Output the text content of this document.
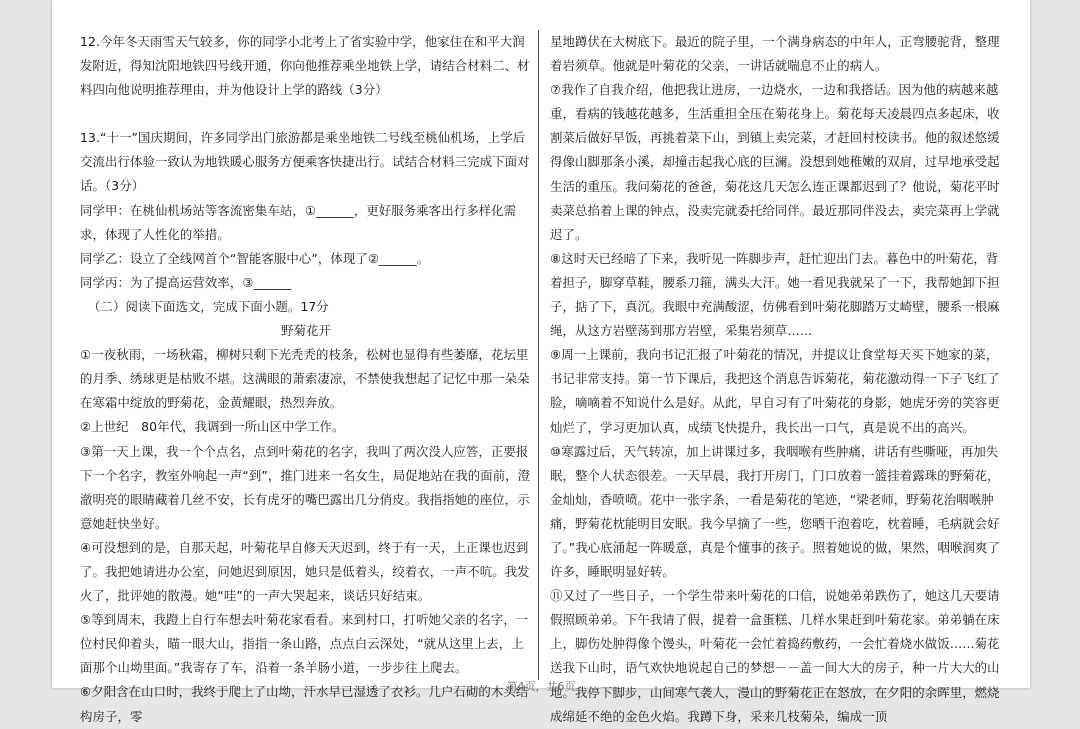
12.今年冬天雨雪天气较多，你的同学小北考上了省实验中学，他家住在和平大润发附近，得知沈阳地铁四号线开通，你向他推荐乘坐地铁上学，请结合材料二、材料四向他说明推荐理由，并为他设计上学的路线（3分）

13.“十一”国庆期间，许多同学出门旅游都是乘坐地铁二号线至桃仙机场，上学后交流出行体验一致认为地铁暖心服务方便乘客快捷出行。试结合材料三完成下面对话。（3分）

同学甲：在桃仙机场站等客流密集车站，①______，更好服务乘客出行多样化需求，体现了人性化的举措。

同学乙：设立了全线网首个“智能客服中心”，体现了②______。

同学丙：为了提高运营效率，③______

（二）阅读下面选文，完成下面小题。17分

野菊花开

①一夜秋雨，一场秋霜，柳树只剩下光秃秃的枝条，松树也显得有些萎靡，花坛里的月季、绣球更是枯败不堪。这满眼的萧索凄凉，不禁使我想起了记忆中那一朵朵在寒霜中绽放的野菊花，金黄耀眼，热烈奔放。

②上世纪　80年代，我调到一所山区中学工作。

③第一天上课，我一个个点名，点到叶菊花的名字，我叫了两次没人应答，正要报下一个名字，教室外响起一声“到”，推门进来一名女生，局促地站在我的面前，澄澈明亮的眼睛藏着几丝不安，长有虎牙的嘴巴露出几分俏皮。我指指她的座位，示意她赶快坐好。

④可没想到的是，自那天起，叶菊花早自修天天迟到，终于有一天，上正课也迟到了。我把她请进办公室，问她迟到原因，她只是低着头，绞着衣，一声不吭。我发火了，批评她的散漫。她“哇”的一声大哭起来，谈话只好结束。

⑤等到周末，我蹬上自行车想去叶菊花家看看。来到村口，打听她父亲的名字，一位村民仰着头，瞄一眼大山，指指一条山路，点点白云深处，“就从这里上去，上面那个山坳里面。”我寄存了车，沿着一条羊肠小道，一步步往上爬去。

⑥夕阳含在山口时，我终于爬上了山坳，汗水早已湿透了衣衫。几户石砌的木头结构房子，零

星地蹲伏在大树底下。最近的院子里，一个满身病态的中年人，正弯腰驼背，整理着岩须草。他就是叶菊花的父亲，一讲话就喘息不止的病人。

⑦我作了自我介绍，他把我让进房，一边烧水，一边和我搭话。因为他的病越来越重，看病的钱越花越多，生活重担全压在菊花身上。菊花每天凌晨四点多起床，收割菜后做好早饭，再挑着菜下山，到镇上卖完菜，才赶回村校读书。他的叙述悠缓得像山脚那条小溪，却撞击起我心底的巨澜。没想到她稚嫩的双肩，过早地承受起生活的重压。我问菊花的爸爸，菊花这几天怎么连正课都迟到了？他说，菊花平时卖菜总掐着上课的钟点，没卖完就委托给同伴。最近那同伴没去，卖完菜再上学就迟了。

⑧这时天已经暗了下来，我听见一阵脚步声，赶忙迎出门去。暮色中的叶菊花，背着担子，脚穿草鞋，腰系刀箍，满头大汗。她一看见我就呆了一下，我帮她卸下担子，掂了下，真沉。我眼中充满酸涩，仿佛看到叶菊花脚踏万丈崎壁，腰系一根麻绳，从这方岩壁荡到那方岩壁，采集岩须草……

⑨周一上课前，我向书记汇报了叶菊花的情况，并提议让食堂每天买下她家的菜，书记非常支持。第一节下课后，我把这个消息告诉菊花，菊花激动得一下子飞红了脸，嘀嘀着不知说什么是好。从此，早自习有了叶菊花的身影，她虎牙旁的笑容更灿烂了，学习更加认真，成绩飞快提升，我长出一口气，真是说不出的高兴。

⑩寒露过后，天气转凉，加上讲课过多，我咽喉有些肿痛，讲话有些嘶哑，再加失眠，整个人状态很差。一天早晨，我打开房门，门口放着一篮挂着露珠的野菊花，金灿灿，香喷喷。花中一张字条，一看是菊花的笔迹，“梁老师，野菊花治咽喉肿痛，野菊花枕能明目安眠。我今早摘了一些，您晒干泡着吃，枕着睡，毛病就会好了。”我心底涌起一阵暖意，真是个懂事的孩子。照着她说的做，果然，咽喉润爽了许多，睡眠明显好转。

⑪又过了一些日子，一个学生带来叶菊花的口信，说她弟弟跌伤了，她这几天要请假照顾弟弟。下午我请了假，提着一盒蛋糕、几样水果赶到叶菊花家。弟弟躺在床上，脚伤处肿得像个馒头，叶菊花一会忙着捣药敷药，一会忙着烧水做饭……菊花送我下山时，语气欢快地说起自己的梦想－－盖一间大大的房子，种一片大大的山地。我停下脚步，山间寒气袭人，漫山的野菊花正在怒放，在夕阳的余晖里，燃烧成绵延不绝的金色火焰。我蹲下身，采来几枝菊朵，编成一顶

第4页，共6页
